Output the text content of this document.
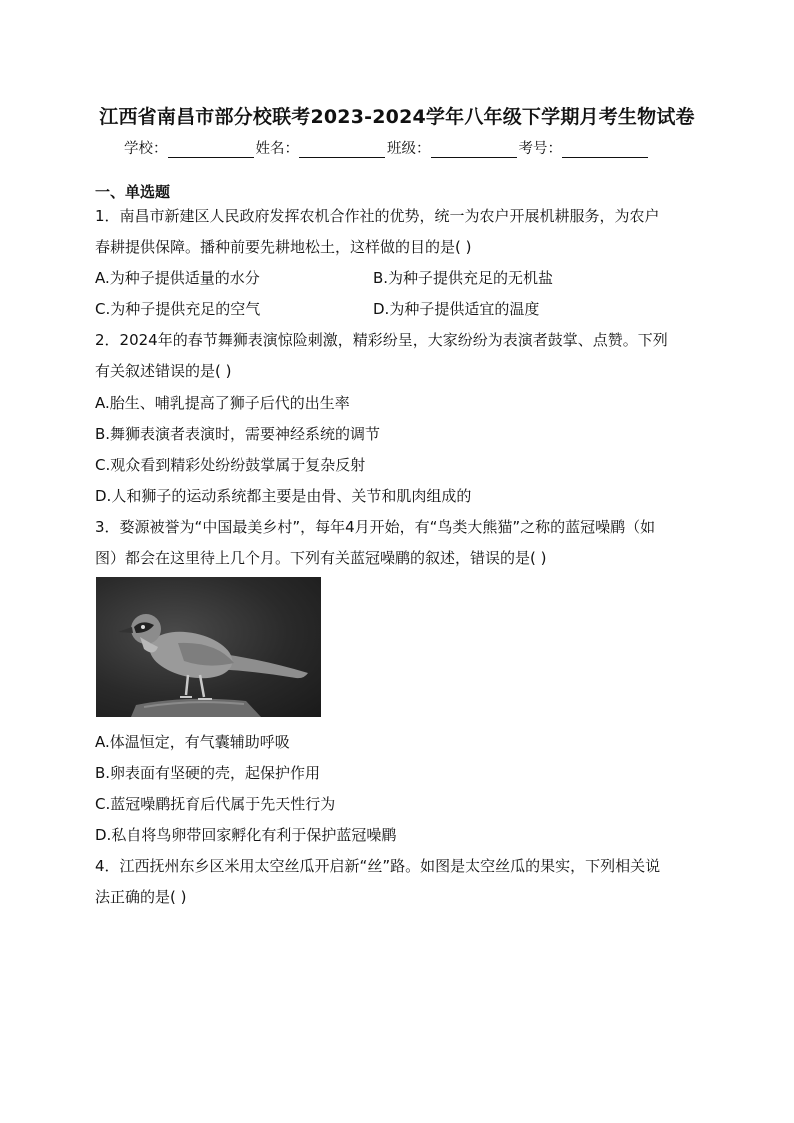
江西省南昌市部分校联考2023-2024学年八年级下学期月考生物试卷
学校：	姓名：	班级：	考号：
一、单选题
1．南昌市新建区人民政府发挥农机合作社的优势，统一为农户开展机耕服务，为农户
春耕提供保障。播种前要先耕地松土，这样做的目的是( )
A.为种子提供适量的水分	B.为种子提供充足的无机盐
C.为种子提供充足的空气	D.为种子提供适宜的温度
2．2024年的春节舞狮表演惊险刺激，精彩纷呈，大家纷纷为表演者鼓掌、点赞。下列
有关叙述错误的是( )
A.胎生、哺乳提高了狮子后代的出生率
B.舞狮表演者表演时，需要神经系统的调节
C.观众看到精彩处纷纷鼓掌属于复杂反射
D.人和狮子的运动系统都主要是由骨、关节和肌肉组成的
3．婺源被誉为“中国最美乡村”，每年4月开始，有“鸟类大熊猫”之称的蓝冠噪鹛（如
图）都会在这里待上几个月。下列有关蓝冠噪鹛的叙述，错误的是( )
A.体温恒定，有气囊辅助呼吸
B.卵表面有坚硬的壳，起保护作用
C.蓝冠噪鹛抚育后代属于先天性行为
D.私自将鸟卵带回家孵化有利于保护蓝冠噪鹛
4．江西抚州东乡区米用太空丝瓜开启新“丝”路。如图是太空丝瓜的果实，下列相关说
法正确的是( )
